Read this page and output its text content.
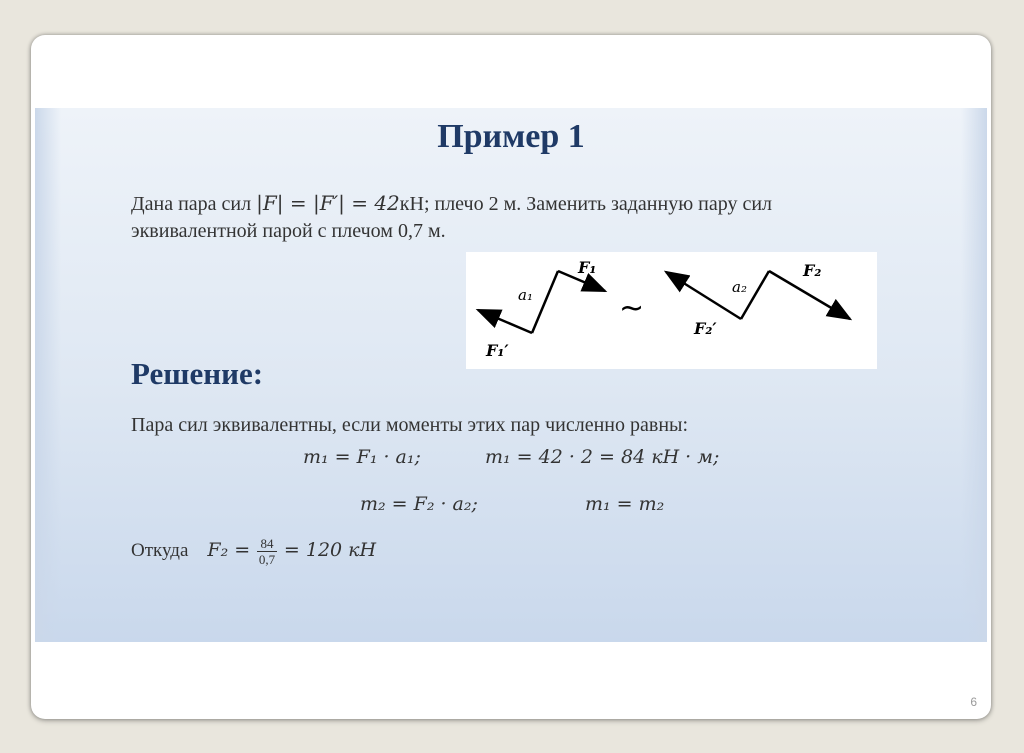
Пример 1
Дана пара сил |F| = |F′| = 42кН; плечо 2 м. Заменить заданную пару сил
эквивалентной парой с плечом 0,7 м.
a₁
F₁
F₁′
~
a₂
F₂
F₂′
Решение:
Пара сил эквивалентны, если моменты этих пар численно равны:
m₁ = F₁ · a₁;	m₁ = 42 · 2 = 84 кН · м;
m₂ = F₂ · a₂;	m₁ = m₂
Откуда $F_2 = \frac{84}{0,7} = 120$ кН
6
